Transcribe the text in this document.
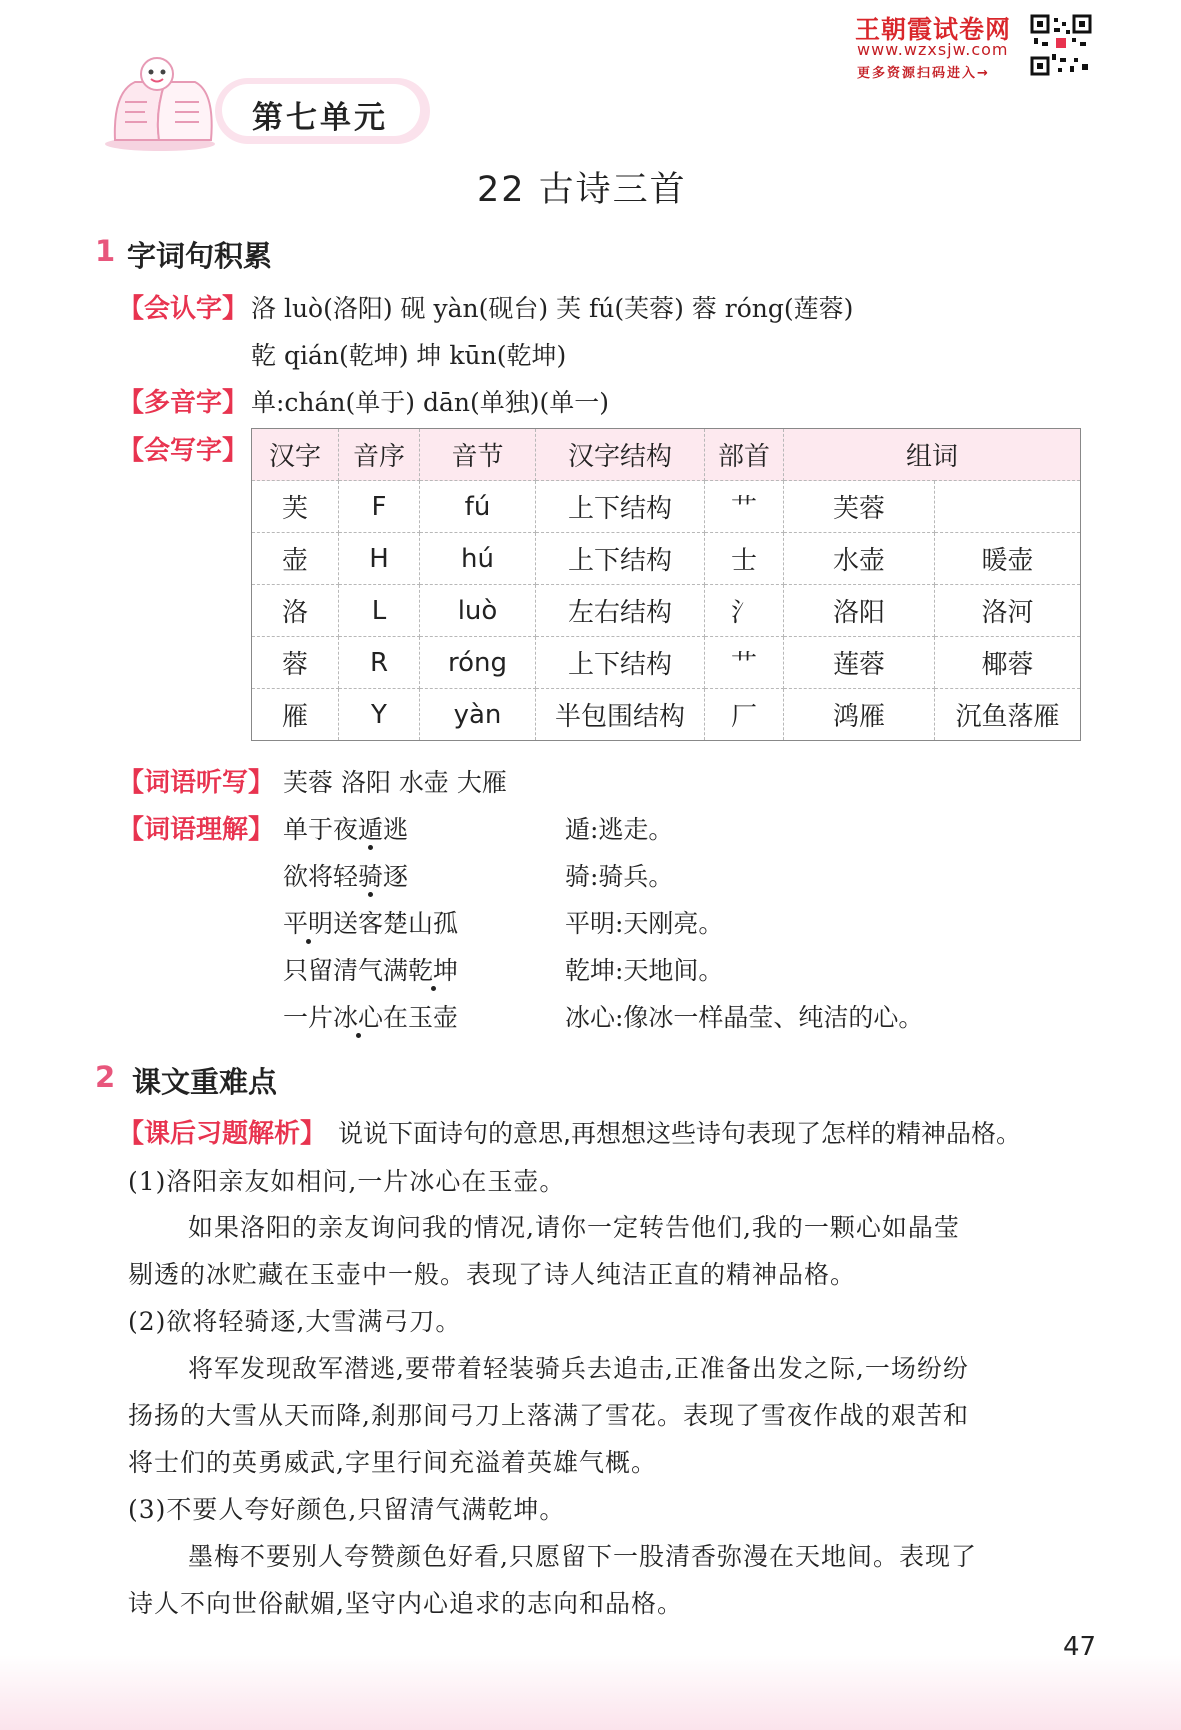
王朝霞试卷网
www.wzxsjw.com
更多资源扫码进入→
第七单元
22 古诗三首
1 字词句积累
【会认字】 洛 luò(洛阳) 砚 yàn(砚台) 芙 fú(芙蓉) 蓉 róng(莲蓉)
乾 qián(乾坤) 坤 kūn(乾坤)
【多音字】 单:chán(单于) dān(单独)(单一)
【会写字】 汉字	音序	音节	汉字结构	部首	组词	
芙	F	fú	上下结构	艹	芙蓉	
壶	H	hú	上下结构	士	水壶	暖壶
洛	L	luò	左右结构	氵	洛阳	洛河
蓉	R	róng	上下结构	艹	莲蓉	椰蓉
雁	Y	yàn	半包围结构	厂	鸿雁	沉鱼落雁
【词语听写】 芙蓉 洛阳 水壶 大雁
【词语理解】 单于夜遁逃	遁:逃走。
欲将轻骑逐	骑:骑兵。
平明送客楚山孤	平明:天刚亮。
只留清气满乾坤	乾坤:天地间。
一片冰心在玉壶	冰心:像冰一样晶莹、纯洁的心。
2 课文重难点
【课后习题解析】 说说下面诗句的意思,再想想这些诗句表现了怎样的精神品格。
(1)洛阳亲友如相问,一片冰心在玉壶。
如果洛阳的亲友询问我的情况,请你一定转告他们,我的一颗心如晶莹
剔透的冰贮藏在玉壶中一般。表现了诗人纯洁正直的精神品格。
(2)欲将轻骑逐,大雪满弓刀。
将军发现敌军潜逃,要带着轻装骑兵去追击,正准备出发之际,一场纷纷
扬扬的大雪从天而降,刹那间弓刀上落满了雪花。表现了雪夜作战的艰苦和
将士们的英勇威武,字里行间充溢着英雄气概。
(3)不要人夸好颜色,只留清气满乾坤。
墨梅不要别人夸赞颜色好看,只愿留下一股清香弥漫在天地间。表现了
诗人不向世俗献媚,坚守内心追求的志向和品格。
47
